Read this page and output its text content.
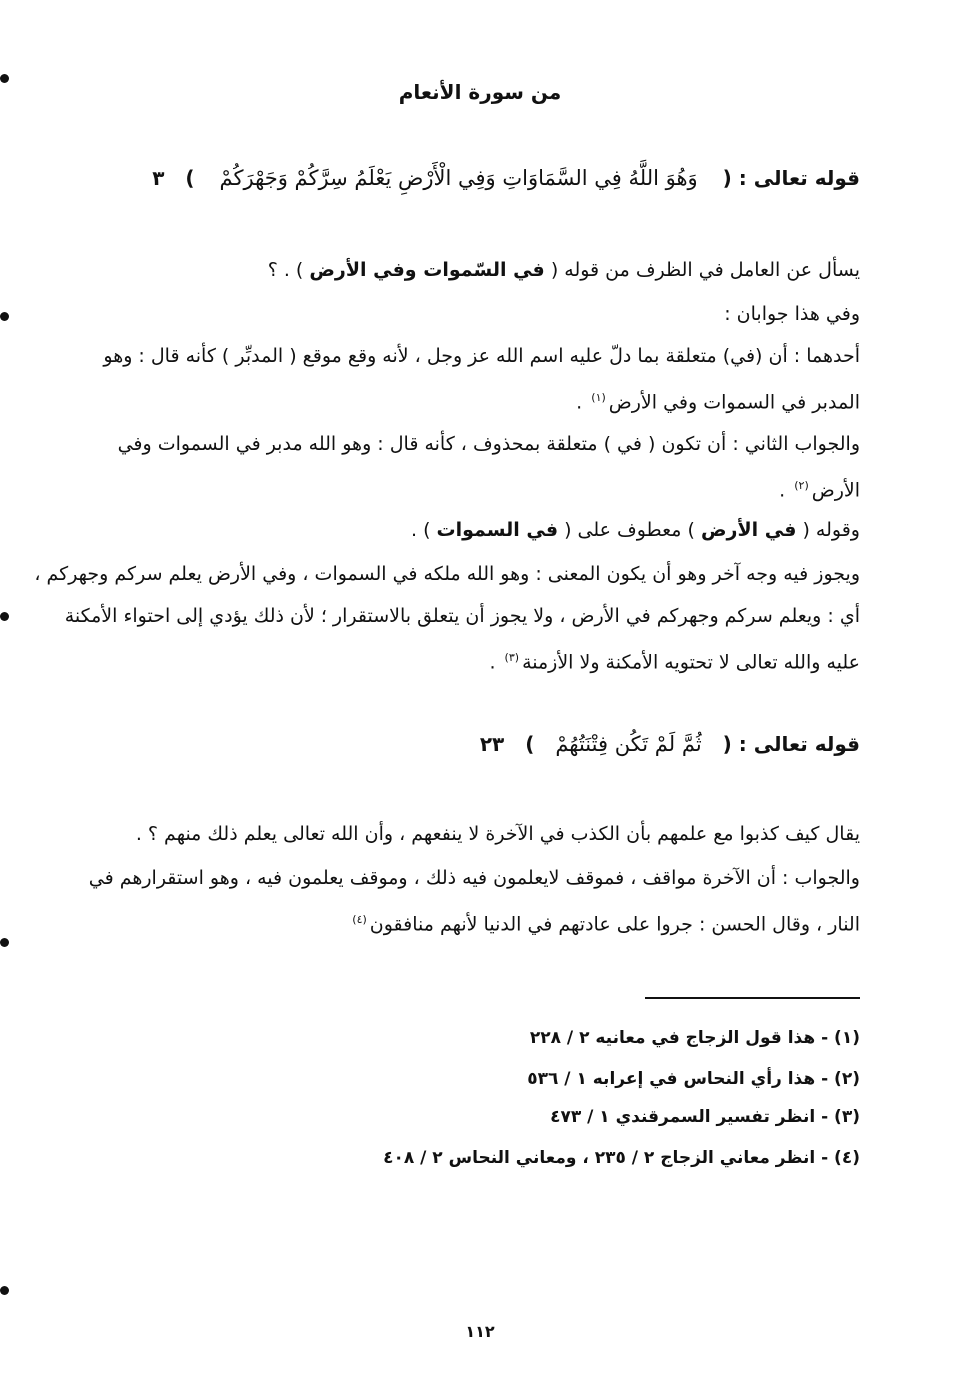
من سورة الأنعام
قوله تعالى : ( وَهُوَ اللَّهُ فِي السَّمَاوَاتِ وَفِي الْأَرْضِ يَعْلَمُ سِرَّكُمْ وَجَهْرَكُمْ ) ٣
يسأل عن العامل في الظرف من قوله ( في السّموات وفي الأرض ) . ؟
وفي هذا جوابان :
أحدهما : أن (في) متعلقة بما دلّ عليه اسم الله عز وجل ، لأنه وقع موقع ( المدبِّر ) كأنه قال : وهو
المدبر في السموات وفي الأرض$^{(١)}$ .
والجواب الثاني : أن تكون ( في ) متعلقة بمحذوف ، كأنه قال : وهو الله مدبر في السموات وفي
الأرض$^{(٢)}$ .
وقوله ( في الأرض ) معطوف على ( في السموات ) .
ويجوز فيه وجه آخر وهو أن يكون المعنى : وهو الله ملكه في السموات ، وفي الأرض يعلم سركم وجهركم ،
أي : ويعلم سركم وجهركم في الأرض ، ولا يجوز أن يتعلق بالاستقرار ؛ لأن ذلك يؤدي إلى احتواء الأمكنة
عليه والله تعالى لا تحتويه الأمكنة ولا الأزمنة$^{(٣)}$ .
قوله تعالى : ( ثُمَّ لَمْ تَكُن فِتْنَتُهُمْ ) ٢٣
يقال كيف كذبوا مع علمهم بأن الكذب في الآخرة لا ينفعهم ، وأن الله تعالى يعلم ذلك منهم ؟ .
والجواب : أن الآخرة مواقف ، فموقف لايعلمون فيه ذلك ، وموقف يعلمون فيه ، وهو استقرارهم في
النار ، وقال الحسن : جروا على عادتهم في الدنيا لأنهم منافقون$^{(٤)}$
(١) - هذا قول الزجاج في معانيه ٢ / ٢٢٨
(٢) - هذا رأي النحاس في إعرابه ١ / ٥٣٦
(٣) - انظر تفسير السمرقندي ١ / ٤٧٣
(٤) - انظر معاني الزجاج ٢ / ٢٣٥ ، ومعاني النحاس ٢ / ٤٠٨
١١٢
